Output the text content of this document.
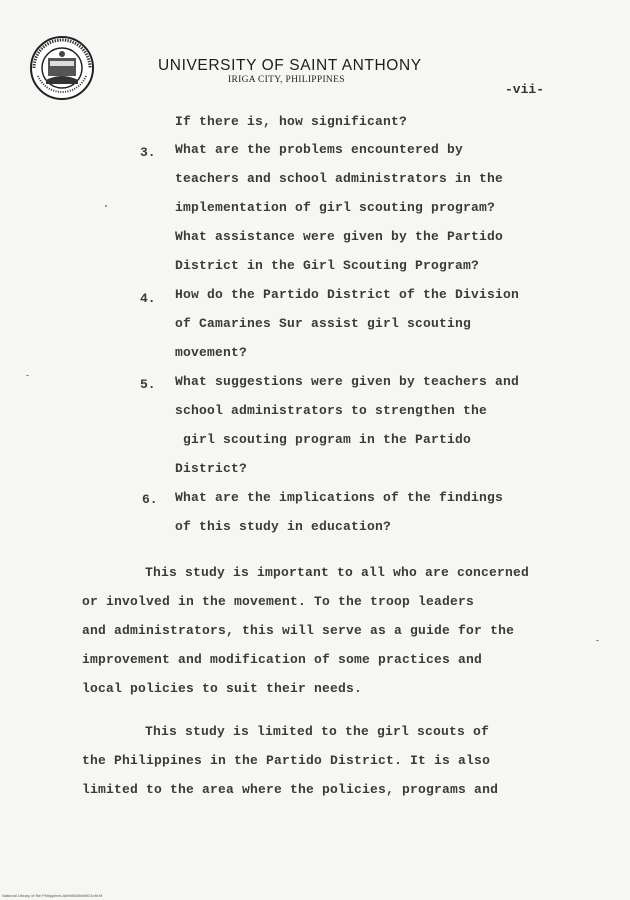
UNIVERSITY OF SAINT ANTHONY
IRIGA CITY, PHILIPPINES
-vii-
If there is, how significant?
3. What are the problems encountered by
teachers and school administrators in the
implementation of girl scouting program?
What assistance were given by the Partido
District in the Girl Scouting Program?
4. How do the Partido District of the Division
of Camarines Sur assist girl scouting
movement?
5. What suggestions were given by teachers and
school administrators to strengthen the
girl scouting program in the Partido
District?
6. What are the implications of the findings
of this study in education?
This study is important to all who are concerned
or involved in the movement. To the troop leaders
and administrators, this will serve as a guide for the
improvement and modification of some practices and
local policies to suit their needs.
This study is limited to the girl scouts of
the Philippines in the Partido District. It is also
limited to the area where the policies, programs and
National Library of the Philippines AhMr0b8lhh0tD1nhf.tif
